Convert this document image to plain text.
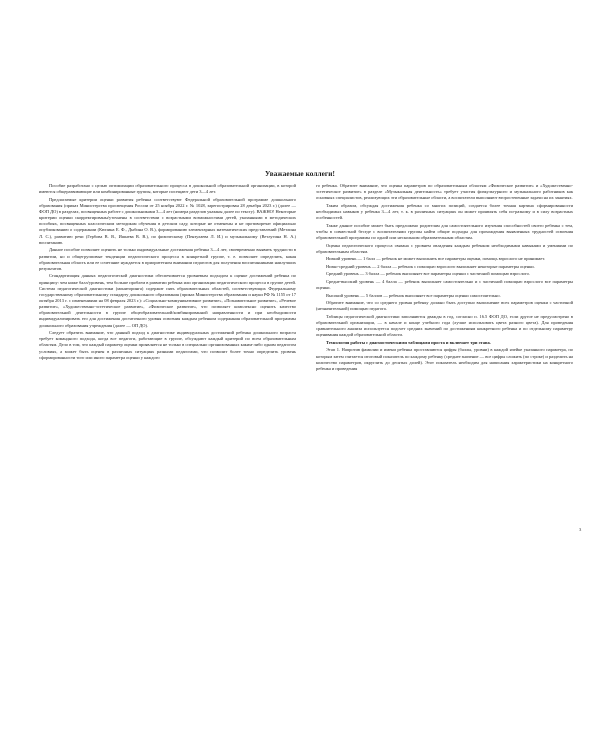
Уважаемые коллеги!

Пособие разработано с целью оптимизации образовательного процесса в дошкольной образовательной организации, в которой имеются общеразвивающие или комбинированные группы, которые посещают дети 3—4 лет.

Предлагаемые критерии оценки развития ребенка соответствуют Федеральной образовательной программе дошкольного образования (приказ Министерства просвещения России от 25 ноября 2022 г. № 1028, зарегистрирован 28 декабря 2023 г.) (далее — ФОП ДО) в разделах, посвященных работе с дошкольниками 3—4 лет (номера разделов указаны далее по тексту). ВАЖНО! Некоторые критерии оценки скорректированы/уточнены в соответствии с возрастными возможностями детей, указанными в методических пособиях, посвященных классическим методикам обучения в детском саду, которые не отменены и не противоречат официально опубликованию о содержании (Кюпина Е. Ф., Дыбина О. В.), формированию элементарных математических представлений (Метлина Л. С.), развитию речи (Гербова В. В., Ишнева В. В.), по физическому (Пензулаева Л. И.) и музыкальному (Ветлугина Н. А.) воспитанию.

Данное пособие позволяет оценить не только индивидуальные достижения ребенка 3—4 лет, своевременно выявить трудности в развитии, но и общегрупповые тенденции педагогического процесса в конкретной группе, т. е. позволяет определить, какая образовательная область или ее сочетание нуждается в приоритетном внимании педагогов для получения воспитанниками наилучших результатов.

Стандартизация данных педагогической диагностики обеспечивается уровневым подходом к оценке достижений ребенка по принципу: чем ниже балл/уровень, тем больше проблем в развитии ребенка или организации педагогического процесса в группе детей. Система педагогической диагностики (мониторинга) содержит пять образовательных областей, соответствующих Федеральному государственному образовательному стандарту дошкольного образования (приказ Министерства образования и науки РФ № 1155 от 17 октября 2013 г. с изменениями на 08 февраля 2023 г.): «Социально-коммуникативное развитие», «Познавательное развитие», «Речевое развитие», «Художественно-эстетическое развитие», «Физическое развитие», что позволяет комплексно оценить качество образовательной деятельности в группе общеобразовательной/комбинированной направленности и при необходимости индивидуализировать его для достижения достаточного уровня освоения каждым ребенком содержания образовательной программы дошкольного образования учреждения (далее — ОП ДО).

Следует обратить внимание, что данный подход к диагностике индивидуальных достижений ребенка дошкольного возраста требует командного подхода, когда все педагоги, работающие в группе, обсуждают каждый критерий по всем образовательным областям. Дело в том, что каждый параметр оценки проявляется не только в специально организованных каким-либо одним педагогом условиях, а может быть оценен в различных ситуациях разными педагогами, что позволит более точно определить уровень сформированности того или иного параметра оценки у каждого

го ребенка. Обратите внимание, что оценка параметров по образовательным областям «Физическое развитие» и «Художественно-эстетическое развитие» в разделе «Музыкальная деятельность» требует участия физкультурного и музыкального работников как основных специалистов, реализующих эти образовательные области, а воспитатели выполняют второстепенные задачи на их занятиях.

Таким образом, обсуждая достижения ребенка со многих позиций, создается более точная картина сформированности необходимых навыков у ребенка 3—4 лет, т. к. в различных ситуациях он может проявлять себя по-разному и в силу возрастных особенностей.

Также данное пособие может быть предложено родителям для самостоятельного изучения способностей своего ребенка с тем, чтобы в совместной беседе с воспитателями группы найти общие подходы для прохождения выявленных трудностей освоения образовательной программы по одной или нескольким образовательным областям.

Оценка педагогического процесса связана с уровнем овладения каждым ребенком необходимыми навыками и умениями по образовательным областям.

Низкий уровень — 1 балл — ребенок не может выполнить все параметры оценки, помощь взрослого не принимает.

Низко-средний уровень — 2 балла — ребенок с помощью взрослого выполняет некоторые параметры оценки.

Средний уровень — 3 балла — ребенок выполняет все параметры оценки с частичной помощью взрослого.

Средне-высокий уровень — 4 балла — ребенок выполняет самостоятельно и с частичной помощью взрослого все параметры оценки.

Высокий уровень — 5 баллов — ребенок выполняет все параметры оценки самостоятельно.

Обратите внимание, что со среднего уровня ребенку должно быть доступно выполнение всех параметров оценки с частичной (незначительной) помощью педагога.

Таблицы педагогической диагностики заполняются дважды в год, согласно п. 16.5 ФОП ДО, если другое не предусмотрено в образовательной организации, — в начале и конце учебного года (лучше использовать цвета разного цвета). Для проведения сравнительного анализа используется подсчет средних значений по достижениям конкретного ребенка и по отдельному параметру оценивания каждой образовательной области.

Технология работы с диагностическими таблицами проста и включает три этапа.

Этап 1. Напротив фамилии и имени ребенка проставляются цифры (баллы, уровни) в каждой ячейке указанного параметра, по которым затем считается итоговый показатель по каждому ребенку (среднее значение — все цифры сложить (по строке) и разделить на количество параметров, округлить до десятых долей). Этот показатель необходим для написания характеристики на конкретного ребенка и проведения

3
